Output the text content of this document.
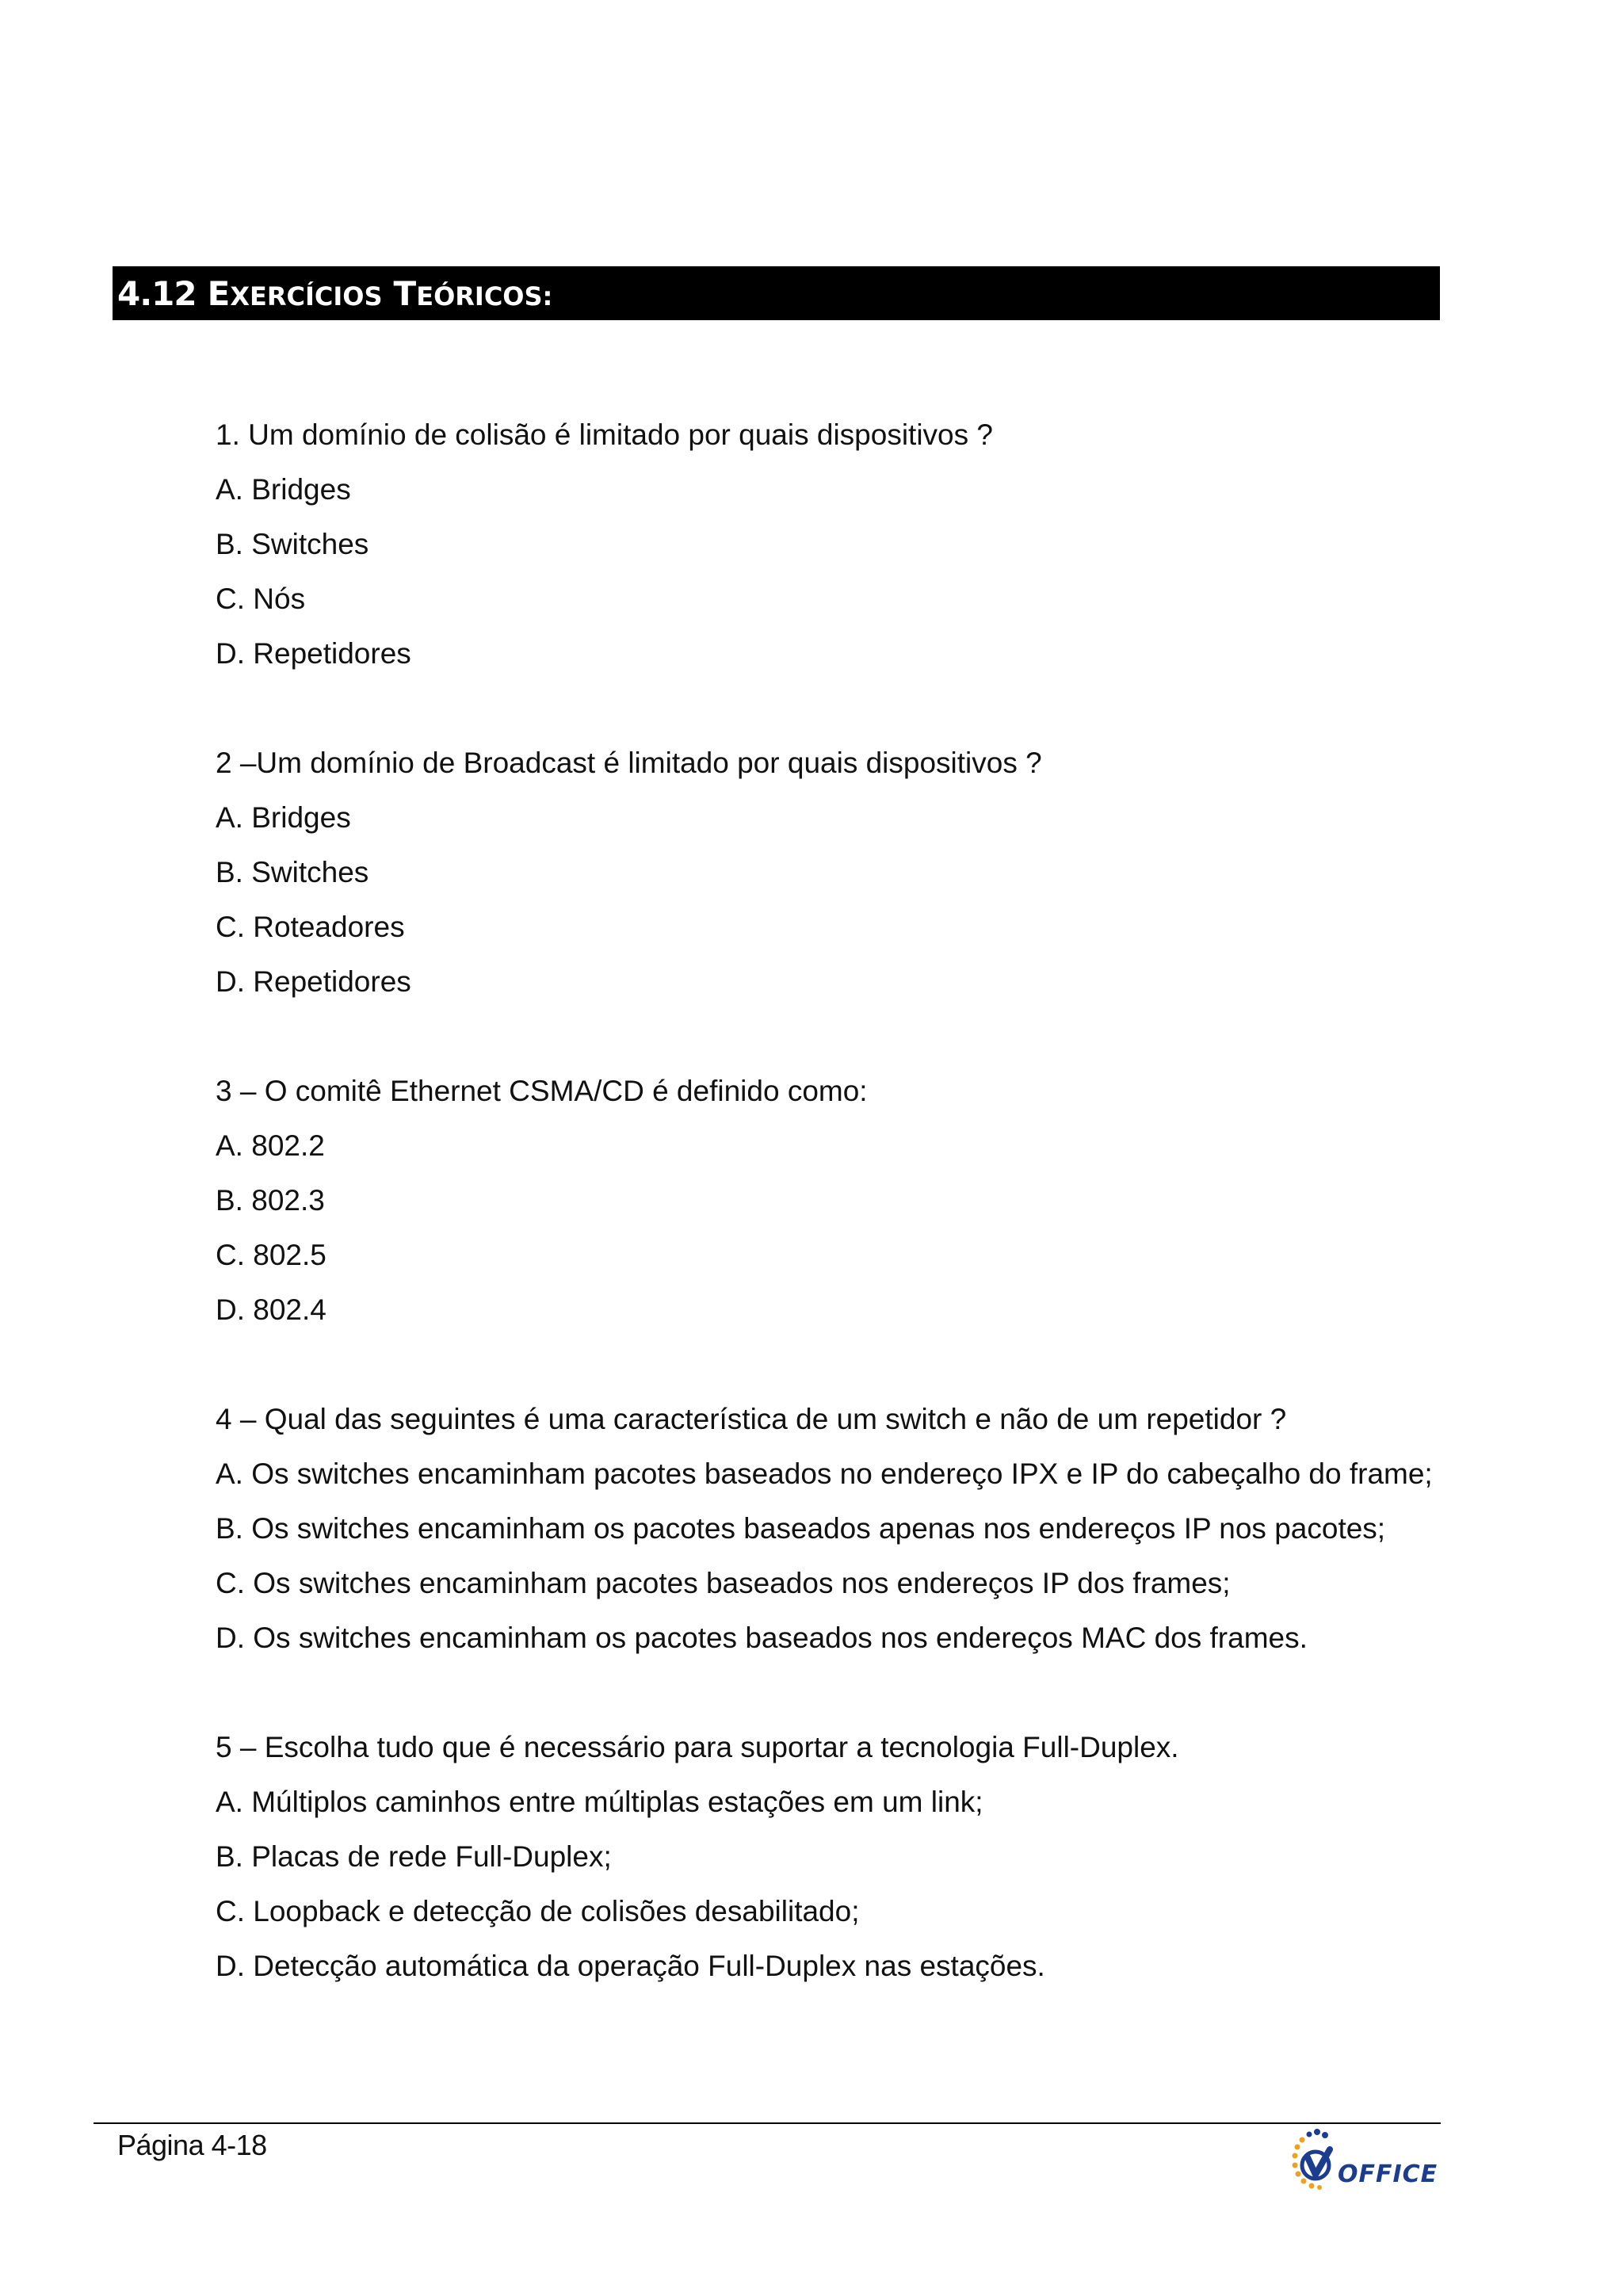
4.12 EXERCÍCIOS TEÓRICOS:
1. Um domínio de colisão é limitado por quais dispositivos ?
A. Bridges
B. Switches
C. Nós
D. Repetidores
2 –Um domínio de Broadcast é limitado por quais dispositivos ?
A. Bridges
B. Switches
C. Roteadores
D. Repetidores
3 – O comitê Ethernet CSMA/CD é definido como:
A. 802.2
B. 802.3
C. 802.5
D. 802.4
4 – Qual das seguintes é uma característica de um switch e não de um repetidor ?
A. Os switches encaminham pacotes baseados no endereço IPX e IP do cabeçalho do frame;
B. Os switches encaminham os pacotes baseados apenas nos endereços IP nos pacotes;
C. Os switches encaminham pacotes baseados nos endereços IP dos frames;
D. Os switches encaminham os pacotes baseados nos endereços MAC dos frames.
5 – Escolha tudo que é necessário para suportar a tecnologia Full-Duplex.
A. Múltiplos caminhos entre múltiplas estações em um link;
B. Placas de rede Full-Duplex;
C. Loopback e detecção de colisões desabilitado;
D. Detecção automática da operação Full-Duplex nas estações.
Página 4-18
OFFICE
